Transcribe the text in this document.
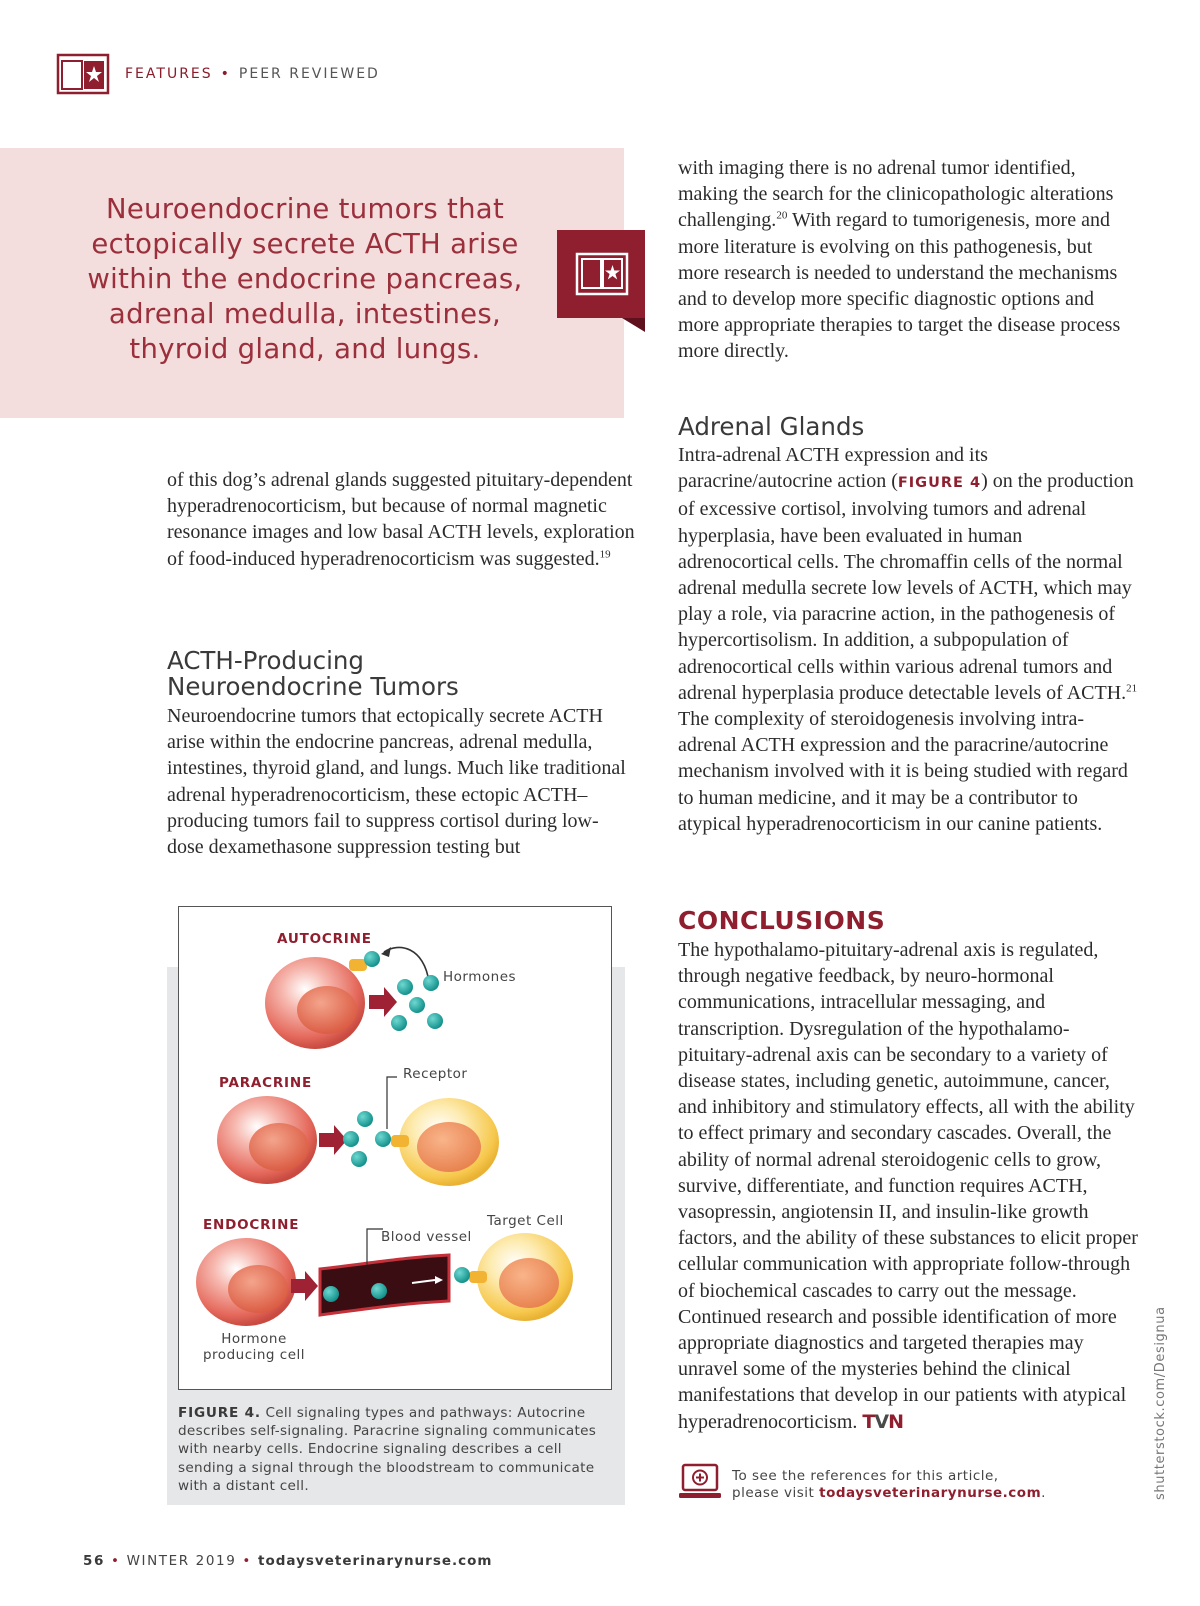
FEATURES • PEER REVIEWED
Neuroendocrine tumors that ectopically secrete ACTH arise within the endocrine pancreas, adrenal medulla, intestines, thyroid gland, and lungs.
of this dog’s adrenal glands suggested pituitary-dependent hyperadrenocorticism, but because of normal magnetic resonance images and low basal ACTH levels, exploration of food-induced hyperadrenocorticism was suggested.$^{19}$
ACTH-Producing
Neuroendocrine Tumors
Neuroendocrine tumors that ectopically secrete ACTH arise within the endocrine pancreas, adrenal medulla, intestines, thyroid gland, and lungs. Much like traditional adrenal hyperadrenocorticism, these ectopic ACTH–producing tumors fail to suppress cortisol during low-dose dexamethasone suppression testing but
with imaging there is no adrenal tumor identified, making the search for the clinicopathologic alterations challenging.$^{20}$ With regard to tumorigenesis, more and more literature is evolving on this pathogenesis, but more research is needed to understand the mechanisms and to develop more specific diagnostic options and more appropriate therapies to target the disease process more directly.
Adrenal Glands
Intra-adrenal ACTH expression and its paracrine/autocrine action (FIGURE 4) on the production of excessive cortisol, involving tumors and adrenal hyperplasia, have been evaluated in human adrenocortical cells. The chromaffin cells of the normal adrenal medulla secrete low levels of ACTH, which may play a role, via paracrine action, in the pathogenesis of hypercortisolism. In addition, a subpopulation of adrenocortical cells within various adrenal tumors and adrenal hyperplasia produce detectable levels of ACTH.$^{21}$ The complexity of steroidogenesis involving intra-adrenal ACTH expression and the paracrine/autocrine mechanism involved with it is being studied with regard to human medicine, and it may be a contributor to atypical hyperadrenocorticism in our canine patients.
CONCLUSIONS
The hypothalamo-pituitary-adrenal axis is regulated, through negative feedback, by neuro-hormonal communications, intracellular messaging, and transcription. Dysregulation of the hypothalamo-pituitary-adrenal axis can be secondary to a variety of disease states, including genetic, autoimmune, cancer, and inhibitory and stimulatory effects, all with the ability to effect primary and secondary cascades. Overall, the ability of normal adrenal steroidogenic cells to grow, survive, differentiate, and function requires ACTH, vasopressin, angiotensin II, and insulin-like growth factors, and the ability of these substances to elicit proper cellular communication with appropriate follow-through of biochemical cascades to carry out the message. Continued research and possible identification of more appropriate diagnostics and targeted therapies may unravel some of the mysteries behind the clinical manifestations that develop in our patients with atypical hyperadrenocorticism. TVN
AUTOCRINE
Hormones
PARACRINE
Receptor
ENDOCRINE	Target Cell
Blood vessel
Hormone
producing cell
FIGURE 4. Cell signaling types and pathways: Autocrine describes self-signaling. Paracrine signaling communicates with nearby cells. Endocrine signaling describes a cell sending a signal through the bloodstream to communicate with a distant cell.
To see the references for this article,
please visit todaysveterinarynurse.com.	shutterstock.com/Designua
56 • WINTER 2019 • todaysveterinarynurse.com
